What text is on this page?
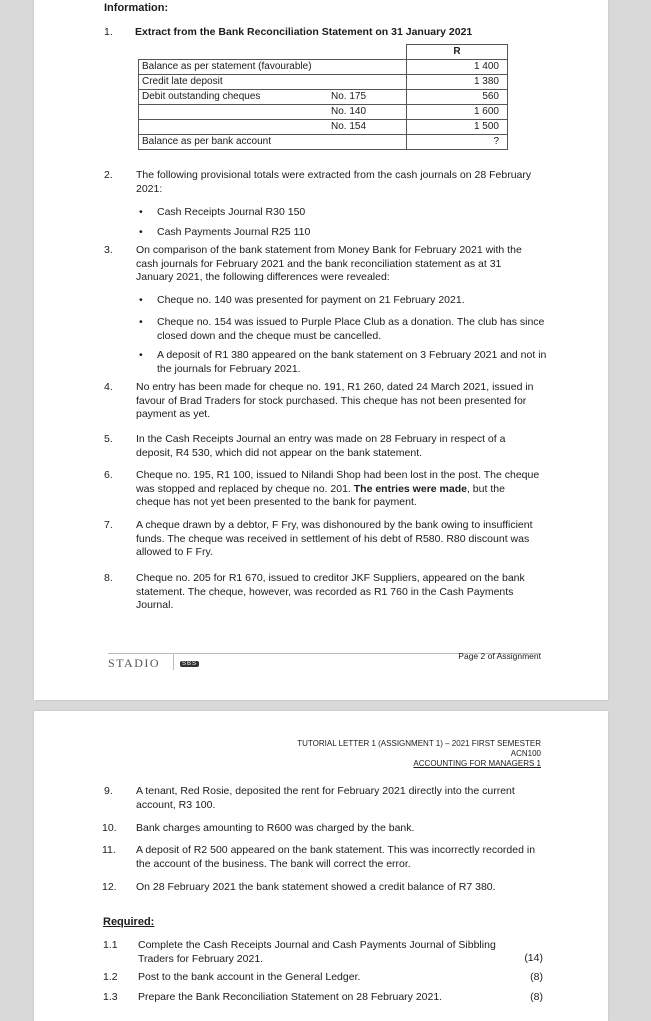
Information:
1. Extract from the Bank Reconciliation Statement on 31 January 2021
		R
Balance as per statement (favourable)		1 400
Credit late deposit		1 380
Debit outstanding cheques	No. 175	560
	No. 140	1 600
	No. 154	1 500
Balance as per bank account		?
2. The following provisional totals were extracted from the cash journals on 28 February 2021:
• Cash Receipts Journal R30 150
• Cash Payments Journal R25 110
3. On comparison of the bank statement from Money Bank for February 2021 with the cash journals for February 2021 and the bank reconciliation statement as at 31 January 2021, the following differences were revealed:
• Cheque no. 140 was presented for payment on 21 February 2021.
• Cheque no. 154 was issued to Purple Place Club as a donation. The club has since closed down and the cheque must be cancelled.
• A deposit of R1 380 appeared on the bank statement on 3 February 2021 and not in the journals for February 2021.
4. No entry has been made for cheque no. 191, R1 260, dated 24 March 2021, issued in favour of Brad Traders for stock purchased. This cheque has not been presented for payment as yet.
5. In the Cash Receipts Journal an entry was made on 28 February in respect of a deposit, R4 530, which did not appear on the bank statement.
6. Cheque no. 195, R1 100, issued to Nilandi Shop had been lost in the post. The cheque was stopped and replaced by cheque no. 201. The entries were made, but the cheque has not yet been presented to the bank for payment.
7. A cheque drawn by a debtor, F Fry, was dishonoured by the bank owing to insufficient funds. The cheque was received in settlement of his debt of R580. R80 discount was allowed to F Fry.
8. Cheque no. 205 for R1 670, issued to creditor JKF Suppliers, appeared on the bank statement. The cheque, however, was recorded as R1 760 in the Cash Payments Journal.
STADIO	SBS
Page 2 of Assignment
TUTORIAL LETTER 1 (ASSIGNMENT 1) – 2021 FIRST SEMESTER
ACN100
ACCOUNTING FOR MANAGERS 1
9. A tenant, Red Rosie, deposited the rent for February 2021 directly into the current account, R3 100.
10. Bank charges amounting to R600 was charged by the bank.
11. A deposit of R2 500 appeared on the bank statement. This was incorrectly recorded in the account of the business. The bank will correct the error.
12. On 28 February 2021 the bank statement showed a credit balance of R7 380.
Required:
1.1 Complete the Cash Receipts Journal and Cash Payments Journal of Sibbling Traders for February 2021.	(14)
1.2 Post to the bank account in the General Ledger.	(8)
1.3 Prepare the Bank Reconciliation Statement on 28 February 2021.	(8)
